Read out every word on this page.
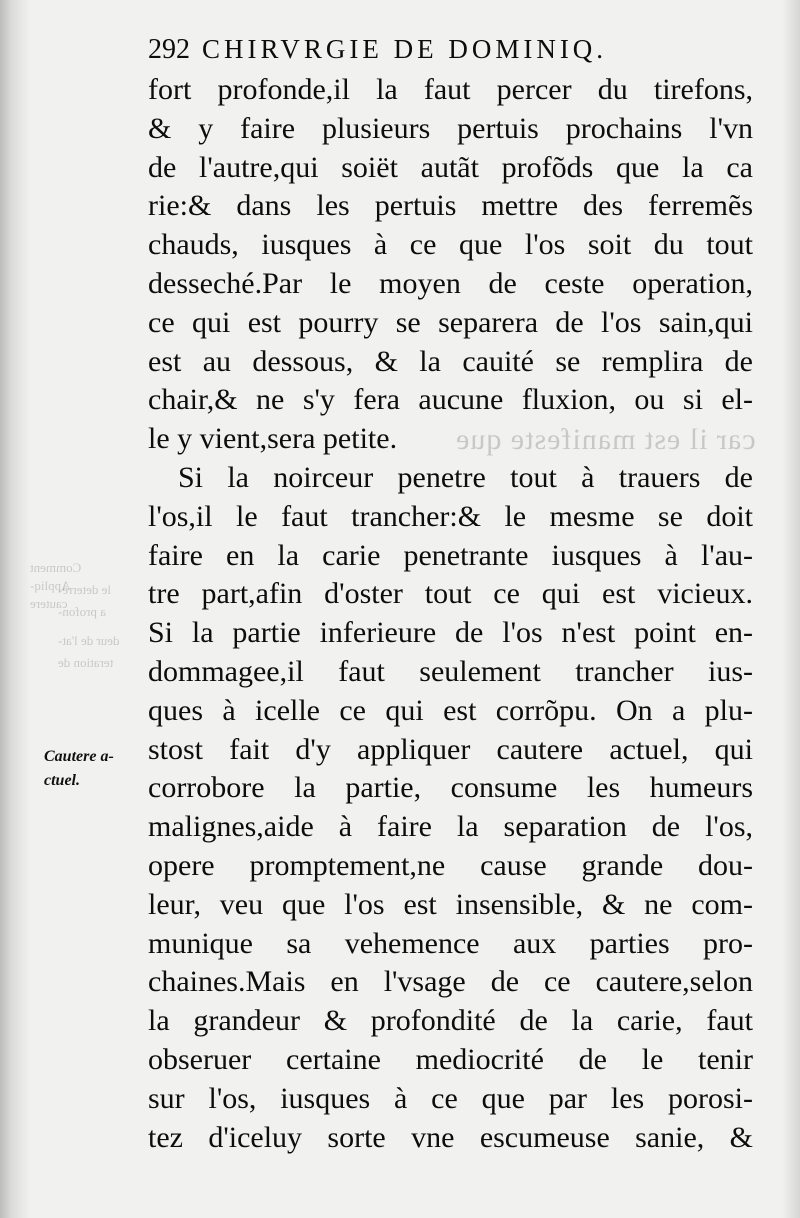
car il est manifeste que
Appliq-
cautere
Comment
le deterre-
a profon-
deur de l'at-
teration de
292 CHIRVRGIE DE DOMINIQ.
Cautere a-
ctuel.
fort profonde,il la faut percer du tirefons,
& y faire plusieurs pertuis prochains l'vn
de l'autre,qui soiët autãt profõds que la ca
rie:& dans les pertuis mettre des ferremẽs
chauds, iusques à ce que l'os soit du tout
desseché.Par le moyen de ceste operation,
ce qui est pourry se separera de l'os sain,qui
est au dessous, & la cauité se remplira de
chair,& ne s'y fera aucune fluxion, ou si el-
le y vient,sera petite.
Si la noirceur penetre tout à trauers de
l'os,il le faut trancher:& le mesme se doit
faire en la carie penetrante iusques à l'au-
tre part,afin d'oster tout ce qui est vicieux.
Si la partie inferieure de l'os n'est point en-
dommagee,il faut seulement trancher ius-
ques à icelle ce qui est corrõpu. On a plu-
stost fait d'y appliquer cautere actuel, qui
corrobore la partie, consume les humeurs
malignes,aide à faire la separation de l'os,
opere promptement,ne cause grande dou-
leur, veu que l'os est insensible, & ne com-
munique sa vehemence aux parties pro-
chaines.Mais en l'vsage de ce cautere,selon
la grandeur & profondité de la carie, faut
obseruer certaine mediocrité de le tenir
sur l'os, iusques à ce que par les porosi-
tez d'iceluy sorte vne escumeuse sanie, &
